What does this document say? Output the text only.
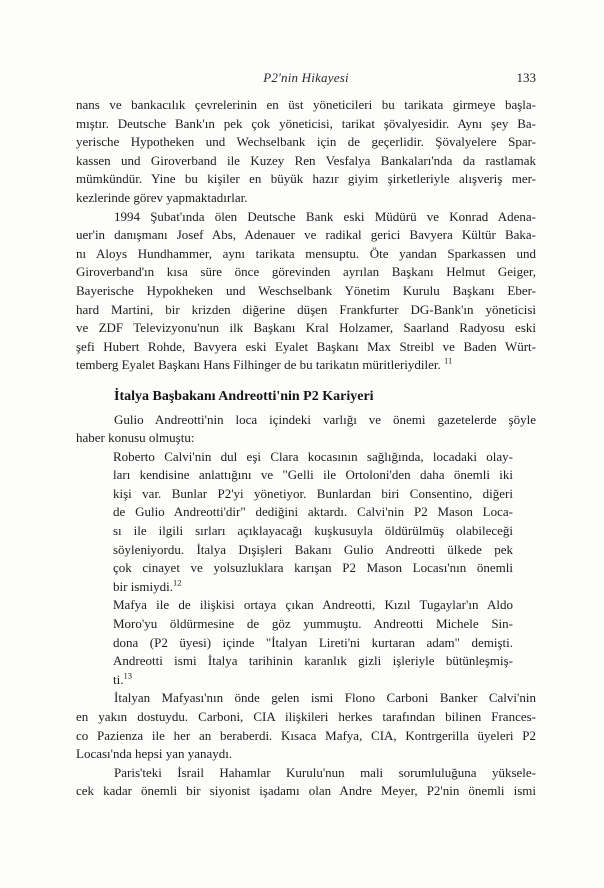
P2'nin Hikayesi	133
nans ve bankacılık çevrelerinin en üst yöneticileri bu tarikata girmeye başla-
mıştır. Deutsche Bank'ın pek çok yöneticisi, tarikat şövalyesidir. Aynı şey Ba-
yerische Hypotheken und Wechselbank için de geçerlidir. Şövalyelere Spar-
kassen und Giroverband ile Kuzey Ren Vesfalya Bankaları'nda da rastlamak
mümkündür. Yine bu kişiler en büyük hazır giyim şirketleriyle alışveriş mer-
kezlerinde görev yapmaktadırlar.
1994 Şubat'ında ölen Deutsche Bank eski Müdürü ve Konrad Adena-
uer'in danışmanı Josef Abs, Adenauer ve radikal gerici Bavyera Kültür Baka-
nı Aloys Hundhammer, aynı tarikata mensuptu. Öte yandan Sparkassen und
Giroverband'ın kısa süre önce görevinden ayrılan Başkanı Helmut Geiger,
Bayerische Hypokheken und Weschselbank Yönetim Kurulu Başkanı Eber-
hard Martini, bir krizden diğerine düşen Frankfurter DG-Bank'ın yöneticisi
ve ZDF Televizyonu'nun ilk Başkanı Kral Holzamer, Saarland Radyosu eski
şefi Hubert Rohde, Bavyera eski Eyalet Başkanı Max Streibl ve Baden Würt-
temberg Eyalet Başkanı Hans Filhinger de bu tarikatın müritleriydiler. $^{11}$
İtalya Başbakanı Andreotti'nin P2 Kariyeri
Gulio Andreotti'nin loca içindeki varlığı ve önemi gazetelerde şöyle
haber konusu olmuştu:
Roberto Calvi'nin dul eşi Clara kocasının sağlığında, locadaki olay-
ları kendisine anlattığını ve "Gelli ile Ortoloni'den daha önemli iki
kişi var. Bunlar P2'yi yönetiyor. Bunlardan biri Consentino, diğeri
de Gulio Andreotti'dir" dediğini aktardı. Calvi'nin P2 Mason Loca-
sı ile ilgili sırları açıklayacağı kuşkusuyla öldürülmüş olabileceği
söyleniyordu. İtalya Dışişleri Bakanı Gulio Andreotti ülkede pek
çok cinayet ve yolsuzluklara karışan P2 Mason Locası'nın önemli
bir ismiydi.$^{12}$
Mafya ile de ilişkisi ortaya çıkan Andreotti, Kızıl Tugaylar'ın Aldo
Moro'yu öldürmesine de göz yummuştu. Andreotti Michele Sin-
dona (P2 üyesi) içinde "İtalyan Lireti'ni kurtaran adam" demişti.
Andreotti ismi İtalya tarihinin karanlık gizli işleriyle bütünleşmiş-
ti.$^{13}$
İtalyan Mafyası'nın önde gelen ismi Flono Carboni Banker Calvi'nin
en yakın dostuydu. Carboni, CIA ilişkileri herkes tarafından bilinen Frances-
co Pazienza ile her an beraberdi. Kısaca Mafya, CIA, Kontrgerilla üyeleri P2
Locası'nda hepsi yan yanaydı.
Paris'teki İsrail Hahamlar Kurulu'nun mali sorumluluğuna yüksele-
cek kadar önemli bir siyonist işadamı olan Andre Meyer, P2'nin önemli ismi
